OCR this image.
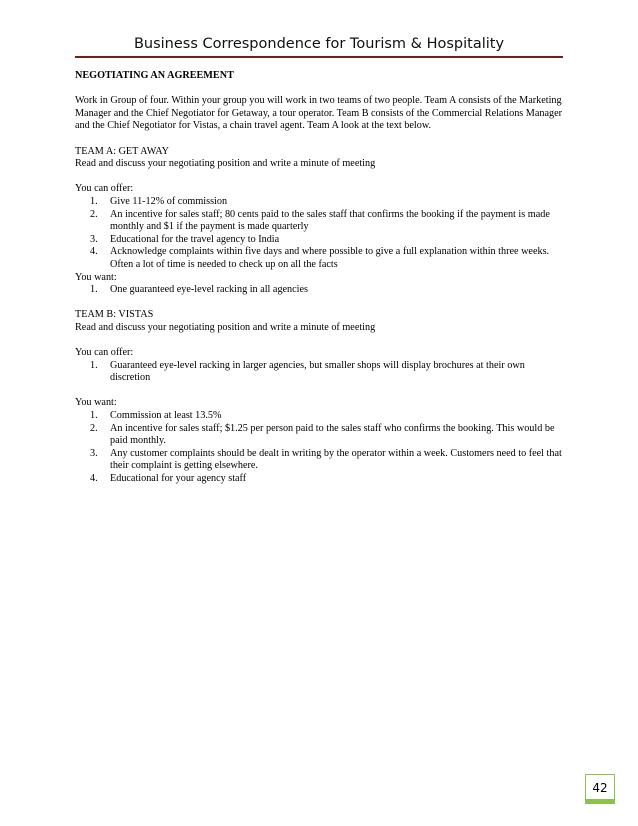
Business Correspondence for Tourism & Hospitality

NEGOTIATING AN AGREEMENT

Work in Group of four. Within your group you will work in two teams of two people. Team A consists of the Marketing Manager and the Chief Negotiator for Getaway, a tour operator. Team B consists of the Commercial Relations Manager and the Chief Negotiator for Vistas, a chain travel agent. Team A look at the text below.

TEAM A: GET AWAY

Read and discuss your negotiating position and write a minute of meeting

You can offer:

1. Give 11-12% of commission
2. An incentive for sales staff; 80 cents paid to the sales staff that confirms the booking if the payment is made monthly and $1 if the payment is made quarterly
3. Educational for the travel agency to India
4. Acknowledge complaints within five days and where possible to give a full explanation within three weeks. Often a lot of time is needed to check up on all the facts

You want:

1. One guaranteed eye-level racking in all agencies

TEAM B: VISTAS

Read and discuss your negotiating position and write a minute of meeting

You can offer:

1. Guaranteed eye-level racking in larger agencies, but smaller shops will display brochures at their own discretion

You want:

1. Commission at least 13.5%
2. An incentive for sales staff; $1.25 per person paid to the sales staff who confirms the booking. This would be paid monthly.
3. Any customer complaints should be dealt in writing by the operator within a week. Customers need to feel that their complaint is getting elsewhere.
4. Educational for your agency staff
42
